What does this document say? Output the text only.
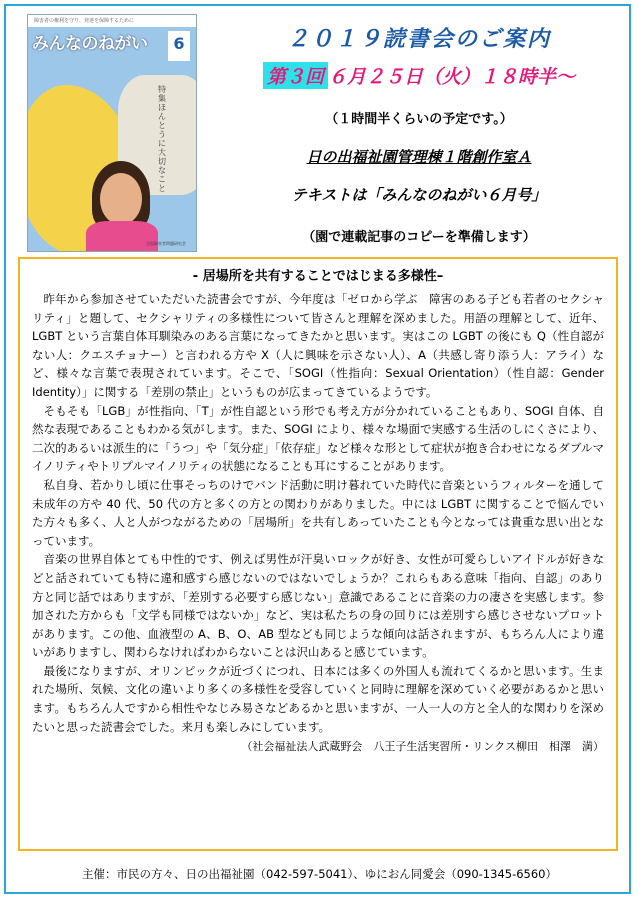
障害者の権利を守り、発達を保障するために
みんなのねがい	6
特集 ほんとうに大切なこと
全国障害者問題研究会
２０１９読書会のご案内
第３回 ６月２５日（火）１８時半～
（１時間半くらいの予定です。）
日の出福祉園管理棟１階創作室Ａ
テキストは「みんなのねがい６月号」
（園で連載記事のコピーを準備します）
- 居場所を共有することではじまる多様性–

昨年から参加させていただいた読書会ですが、今年度は「ゼロから学ぶ　障害のある子ども若者のセクシャリティ」と題して、セクシャリティの多様性について皆さんと理解を深めました。用語の理解として、近年、LGBT という言葉自体耳馴染みのある言葉になってきたかと思います。実はこの LGBT の後にも Q（性自認がない人：クエスチョナー）と言われる方や X（人に興味を示さない人）、A（共感し寄り添う人：アライ）など、様々な言葉で表現されています。そこで、「SOGI（性指向：Sexual Orientation）（性自認：Gender Identity）」に関する「差別の禁止」というものが広まってきているようです。

そもそも「LGB」が性指向、「T」が性自認という形でも考え方が分かれていることもあり、SOGI 自体、自然な表現であることもわかる気がします。また、SOGI により、様々な場面で実感する生活のしにくさにより、二次的あるいは派生的に「うつ」や「気分症」「依存症」など様々な形として症状が抱き合わせになるダブルマイノリティやトリプルマイノリティの状態になることも耳にすることがあります。

私自身、若かりし頃に仕事そっちのけでバンド活動に明け暮れていた時代に音楽というフィルターを通して未成年の方や 40 代、50 代の方と多くの方との関わりがありました。中には LGBT に関することで悩んでいた方々も多く、人と人がつながるための「居場所」を共有しあっていたことも今となっては貴重な思い出となっています。

音楽の世界自体とても中性的です、例えば男性が汗臭いロックが好き、女性が可愛らしいアイドルが好きなどと話されていても特に違和感すら感じないのではないでしょうか？これらもある意味「指向、自認」のあり方と同じ話ではありますが、「差別する必要すら感じない」意識であることに音楽の力の凄さを実感します。参加された方からも「文学も同様ではないか」など、実は私たちの身の回りには差別すら感じさせないプロットがあります。この他、血液型の A、B、O、AB 型なども同じような傾向は話されますが、もちろん人により違いがありますし、関わらなければわからないことは沢山あると感じています。

最後になりますが、オリンピックが近づくにつれ、日本には多くの外国人も流れてくるかと思います。生まれた場所、気候、文化の違いより多くの多様性を受容していくと同時に理解を深めていく必要があるかと思います。もちろん人ですから相性やなじみ易さなどあるかと思いますが、一人一人の方と全人的な関わりを深めたいと思った読書会でした。来月も楽しみにしています。

（社会福祉法人武蔵野会　八王子生活実習所・リンクス柳田　相澤　満）
主催：市民の方々、日の出福祉園（042-597-5041）、ゆにおん同愛会（090-1345-6560）
